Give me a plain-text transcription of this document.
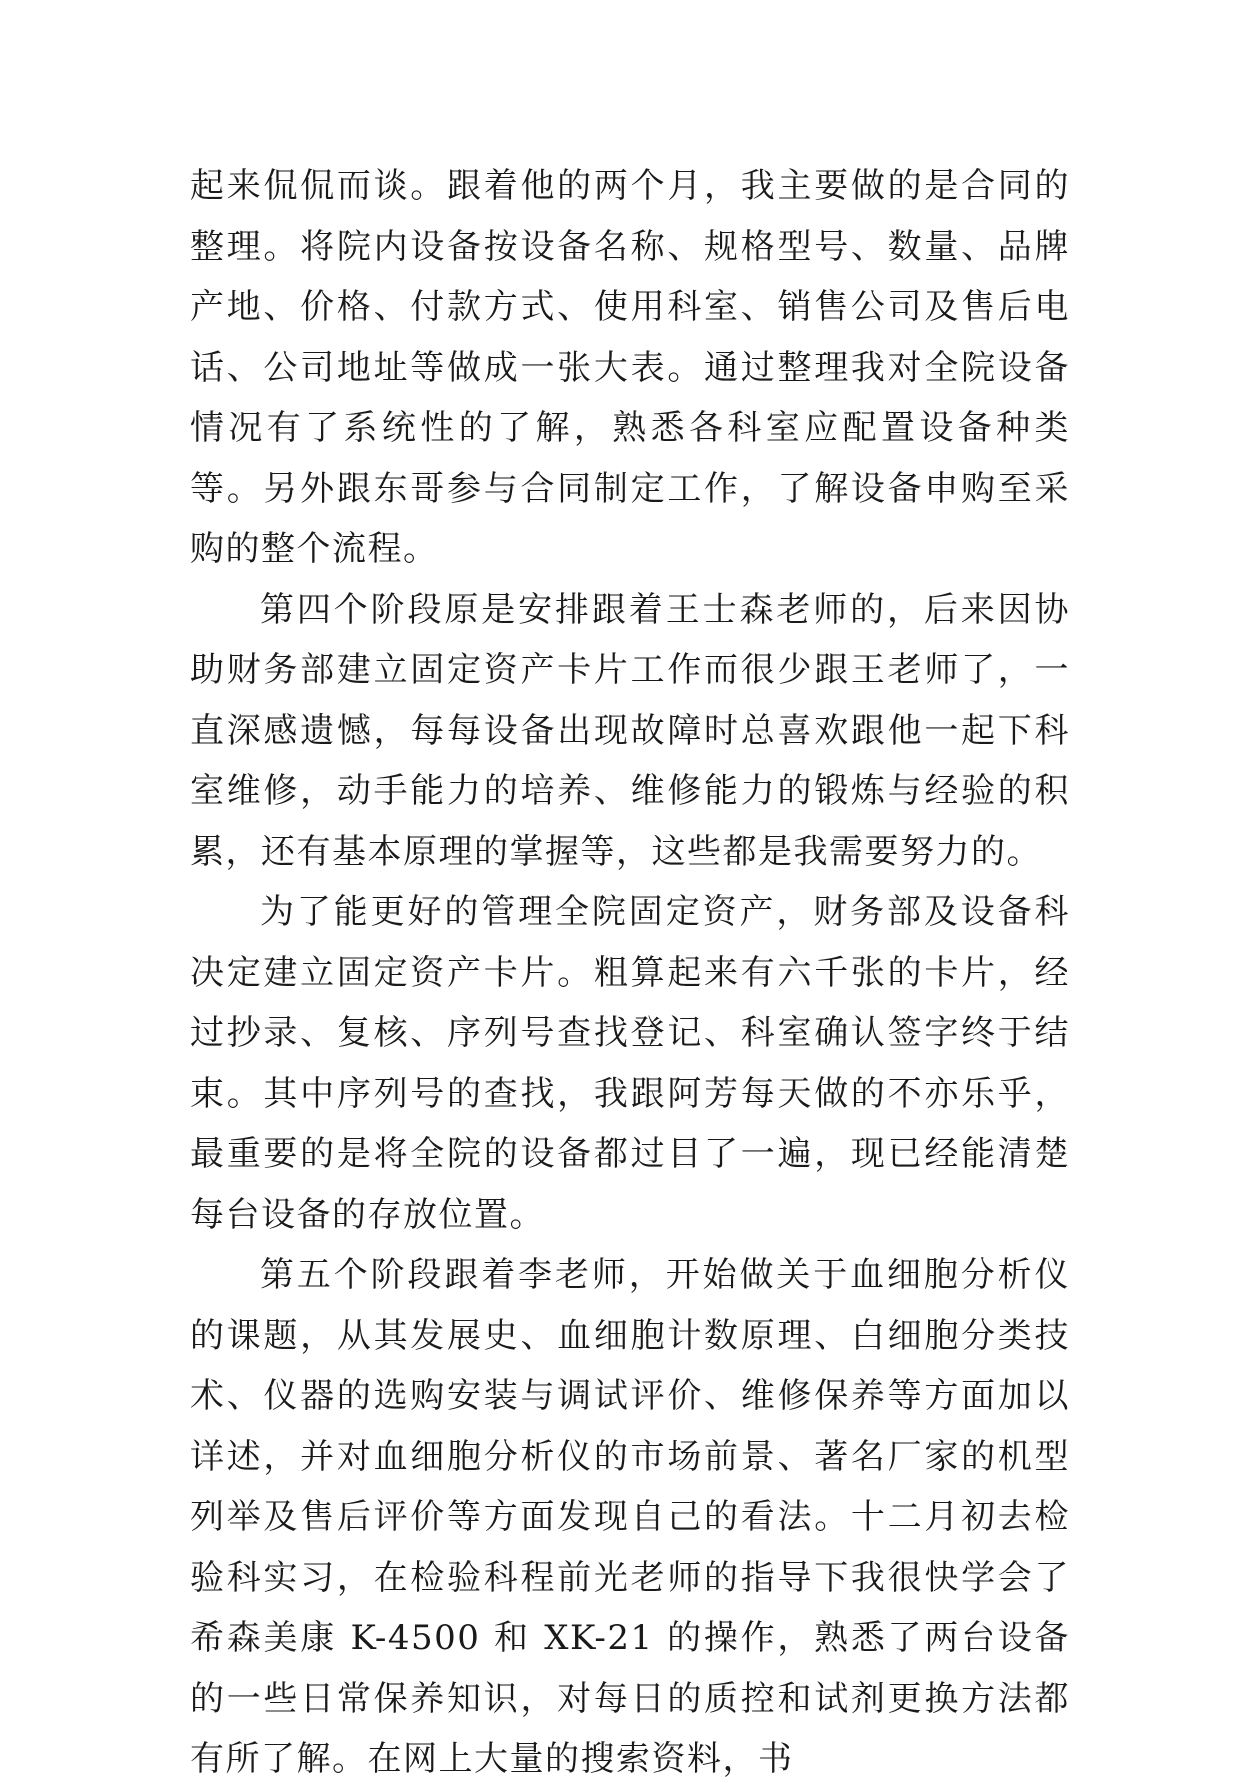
起来侃侃而谈。跟着他的两个月，我主要做的是合同的整理。将院内设备按设备名称、规格型号、数量、品牌产地、价格、付款方式、使用科室、销售公司及售后电话、公司地址等做成一张大表。通过整理我对全院设备情况有了系统性的了解，熟悉各科室应配置设备种类等。另外跟东哥参与合同制定工作，了解设备申购至采购的整个流程。

第四个阶段原是安排跟着王士森老师的，后来因协助财务部建立固定资产卡片工作而很少跟王老师了，一直深感遗憾，每每设备出现故障时总喜欢跟他一起下科室维修，动手能力的培养、维修能力的锻炼与经验的积累，还有基本原理的掌握等，这些都是我需要努力的。

为了能更好的管理全院固定资产，财务部及设备科决定建立固定资产卡片。粗算起来有六千张的卡片，经过抄录、复核、序列号查找登记、科室确认签字终于结束。其中序列号的查找，我跟阿芳每天做的不亦乐乎，最重要的是将全院的设备都过目了一遍，现已经能清楚每台设备的存放位置。

第五个阶段跟着李老师，开始做关于血细胞分析仪的课题，从其发展史、血细胞计数原理、白细胞分类技术、仪器的选购安装与调试评价、维修保养等方面加以详述，并对血细胞分析仪的市场前景、著名厂家的机型列举及售后评价等方面发现自己的看法。十二月初去检验科实习，在检验科程前光老师的指导下我很快学会了希森美康 K-4500 和 XK-21 的操作，熟悉了两台设备的一些日常保养知识，对每日的质控和试剂更换方法都有所了解。在网上大量的搜索资料，书
